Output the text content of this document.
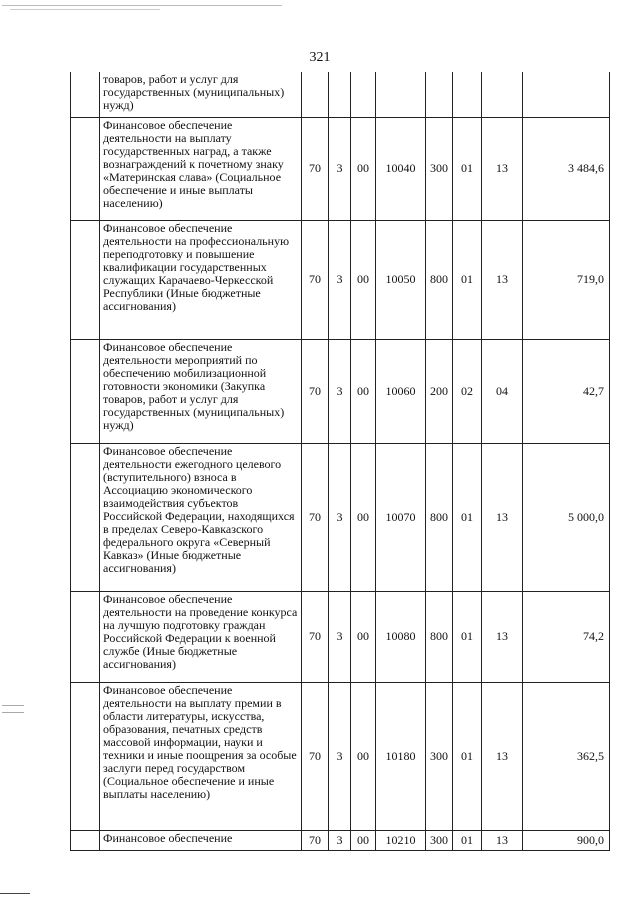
321
	товаров, работ и услуг для государственных (муниципальных) нужд)								
	Финансовое обеспечение деятельности на выплату государственных наград, а также вознаграждений к почетному знаку «Материнская слава» (Социальное обеспечение и иные выплаты населению)	70	3	00	10040	300	01	13	3 484,6
	Финансовое обеспечение деятельности на профессиональную переподготовку и повышение квалификации государственных служащих Карачаево-Черкесской Республики (Иные бюджетные ассигнования)	70	3	00	10050	800	01	13	719,0
	Финансовое обеспечение деятельности мероприятий по обеспечению мобилизационной готовности экономики (Закупка товаров, работ и услуг для государственных (муниципальных) нужд)	70	3	00	10060	200	02	04	42,7
	Финансовое обеспечение деятельности ежегодного целевого (вступительного) взноса в Ассоциацию экономического взаимодействия субъектов Российской Федерации, находящихся в пределах Северо-Кавказского федерального округа «Северный Кавказ» (Иные бюджетные ассигнования)	70	3	00	10070	800	01	13	5 000,0
	Финансовое обеспечение деятельности на проведение конкурса на лучшую подготовку граждан Российской Федерации к военной службе (Иные бюджетные ассигнования)	70	3	00	10080	800	01	13	74,2
	Финансовое обеспечение деятельности на выплату премии в области литературы, искусства, образования, печатных средств массовой информации, науки и техники и иные поощрения за особые заслуги перед государством (Социальное обеспечение и иные выплаты населению)	70	3	00	10180	300	01	13	362,5
	Финансовое обеспечение	70	3	00	10210	300	01	13	900,0
